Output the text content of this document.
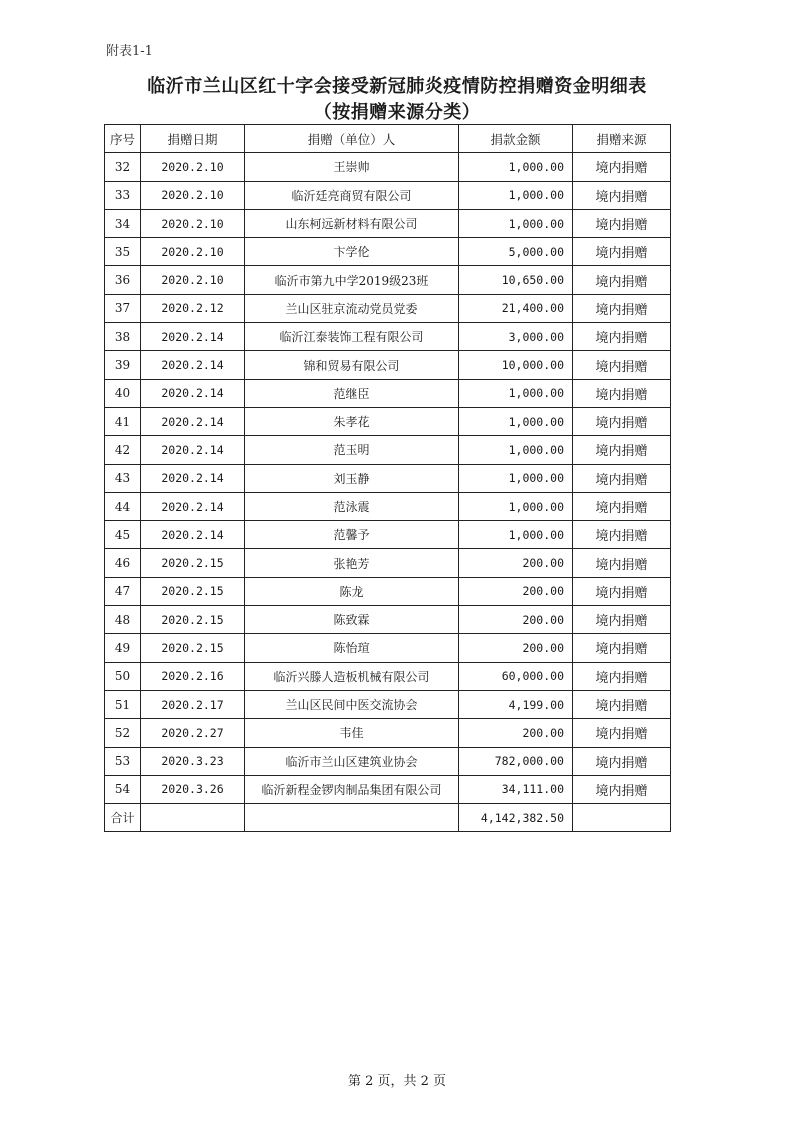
附表1-1
临沂市兰山区红十字会接受新冠肺炎疫情防控捐赠资金明细表
（按捐赠来源分类）
序号	捐赠日期	捐赠（单位）人	捐款金额	捐赠来源
32	2020.2.10	王崇帅	1,000.00	境内捐赠
33	2020.2.10	临沂廷亮商贸有限公司	1,000.00	境内捐赠
34	2020.2.10	山东柯远新材料有限公司	1,000.00	境内捐赠
35	2020.2.10	卞学伦	5,000.00	境内捐赠
36	2020.2.10	临沂市第九中学2019级23班	10,650.00	境内捐赠
37	2020.2.12	兰山区驻京流动党员党委	21,400.00	境内捐赠
38	2020.2.14	临沂江泰装饰工程有限公司	3,000.00	境内捐赠
39	2020.2.14	锦和贸易有限公司	10,000.00	境内捐赠
40	2020.2.14	范继臣	1,000.00	境内捐赠
41	2020.2.14	朱孝花	1,000.00	境内捐赠
42	2020.2.14	范玉明	1,000.00	境内捐赠
43	2020.2.14	刘玉静	1,000.00	境内捐赠
44	2020.2.14	范泳震	1,000.00	境内捐赠
45	2020.2.14	范馨予	1,000.00	境内捐赠
46	2020.2.15	张艳芳	200.00	境内捐赠
47	2020.2.15	陈龙	200.00	境内捐赠
48	2020.2.15	陈致霖	200.00	境内捐赠
49	2020.2.15	陈怡瑄	200.00	境内捐赠
50	2020.2.16	临沂兴滕人造板机械有限公司	60,000.00	境内捐赠
51	2020.2.17	兰山区民间中医交流协会	4,199.00	境内捐赠
52	2020.2.27	韦佳	200.00	境内捐赠
53	2020.3.23	临沂市兰山区建筑业协会	782,000.00	境内捐赠
54	2020.3.26	临沂新程金锣肉制品集团有限公司	34,111.00	境内捐赠
合计			4,142,382.50	
第 2 页，共 2 页
